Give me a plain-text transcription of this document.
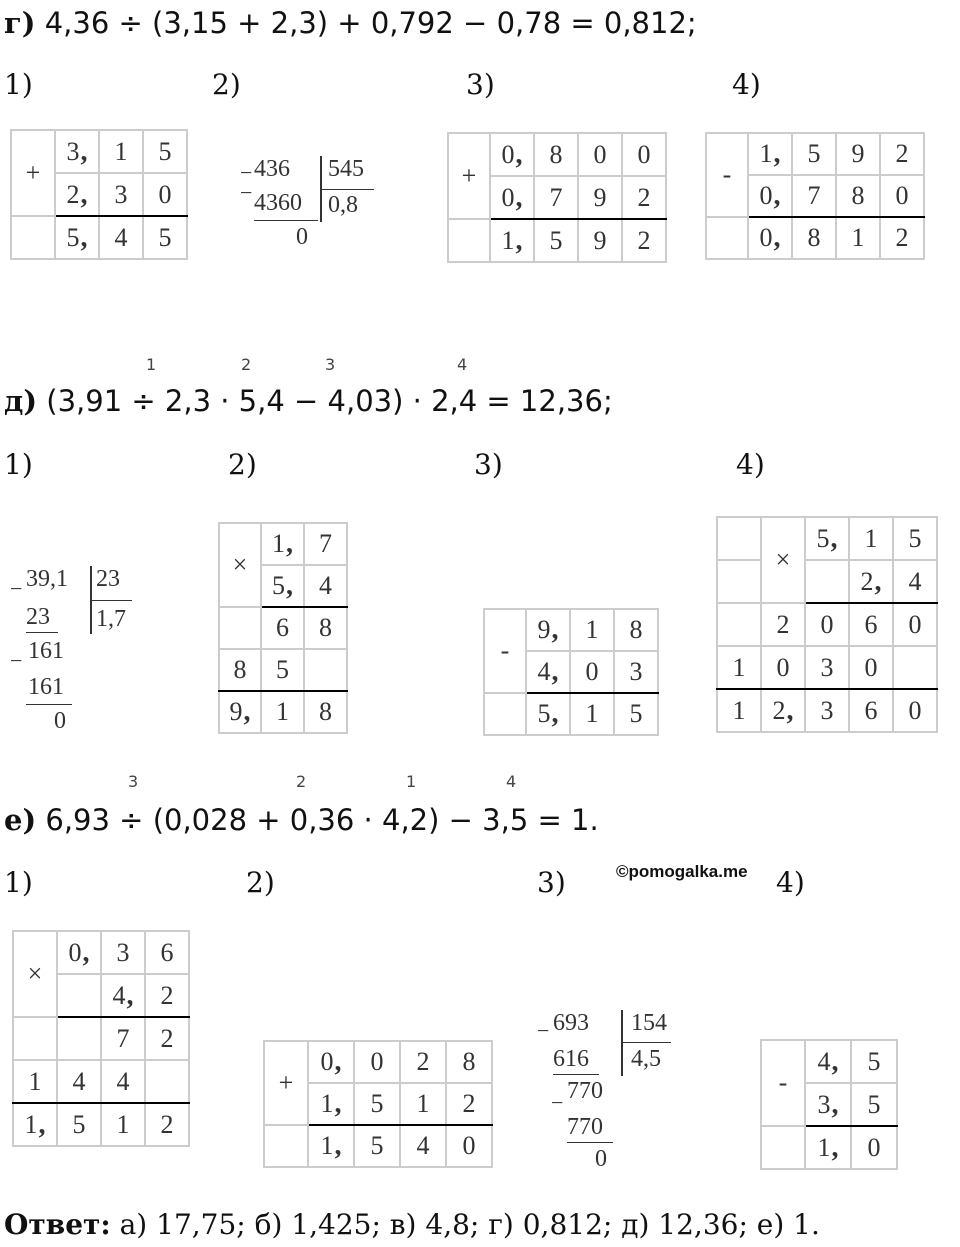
г) 4,36 ÷ (3,15 + 2,3) + 0,792 − 0,78 = 0,812;
1)	2)	3)	4)
+	3,	1	5
	2,	3	0
	5,	4	5
− 436 545
− 4360 0,8
0
+	0,	8	0	0
	0,	7	9	2
	1,	5	9	2
-	1,	5	9	2
	0,	7	8	0
	0,	8	1	2
1	2	3	4
д) (3,91 ÷ 2,3 · 5,4 − 4,03) · 2,4 = 12,36;
1)	2)	3)	4)
− 39,1 23
23 1,7
− 161
161
0
×	1,	7
	5,	4
	6	8
8	5	
9,	1	8
-	9,	1	8
	4,	0	3
	5,	1	5
	×	5,	1	5
			2,	4
	2	0	6	0
1	0	3	0	
1	2,	3	6	0
3	2	1	4
е) 6,93 ÷ (0,028 + 0,36 · 4,2) − 3,5 = 1.
1)	2)	3)	4)
©pomogalka.me
×	0,	3	6
		4,	2
		7	2
1	4	4	
1,	5	1	2
+	0,	0	2	8
	1,	5	1	2
	1,	5	4	0
− 693 154
616 4,5
− 770
770
0
-	4,	5
	3,	5
	1,	0
Ответ: а) 17,75; б) 1,425; в) 4,8; г) 0,812; д) 12,36; е) 1.
